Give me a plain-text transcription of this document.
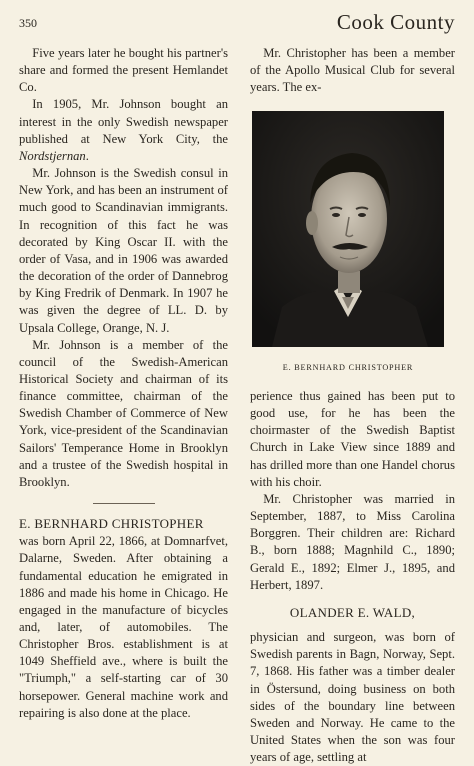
350	Cook County

Five years later he bought his partner's share and formed the present Hemlandet Co.

In 1905, Mr. Johnson bought an interest in the only Swedish newspaper published at New York City, the Nordstjernan.

Mr. Johnson is the Swedish consul in New York, and has been an instrument of much good to Scandinavian immigrants. In recognition of this fact he was decorated by King Oscar II. with the order of Vasa, and in 1906 was awarded the decoration of the order of Dannebrog by King Fredrik of Denmark. In 1907 he was given the degree of LL. D. by Upsala College, Orange, N. J.

Mr. Johnson is a member of the council of the Swedish-American Historical Society and chairman of its finance committee, chairman of the Swedish Chamber of Commerce of New York, vice-president of the Scandinavian Sailors' Temperance Home in Brooklyn and a trustee of the Swedish hospital in Brooklyn.

E. BERNHARD CHRISTOPHER
was born April 22, 1866, at Domnarfvet, Dalarne, Sweden. After obtaining a fundamental education he emigrated in 1886 and made his home in Chicago. He engaged in the manufacture of bicycles and, later, of automobiles. The Christopher Bros. establishment is at 1049 Sheffield ave., where is built the "Triumph," a self-starting car of 30 horsepower. General machine work and repairing is also done at the place.

Mr. Christopher has been a member of the Apollo Musical Club for several years. The ex-

E. BERNHARD CHRISTOPHER

perience thus gained has been put to good use, for he has been the choirmaster of the Swedish Baptist Church in Lake View since 1889 and has drilled more than one Handel chorus with his choir.

Mr. Christopher was married in September, 1887, to Miss Carolina Borggren. Their children are: Richard B., born 1888; Magnhild C., 1890; Gerald E., 1892; Elmer J., 1895, and Herbert, 1897.

OLANDER E. WALD,

physician and surgeon, was born of Swedish parents in Bagn, Norway, Sept. 7, 1868. His father was a timber dealer in Östersund, doing business on both sides of the boundary line between Sweden and Norway. He came to the United States when the son was four years of age, settling at
